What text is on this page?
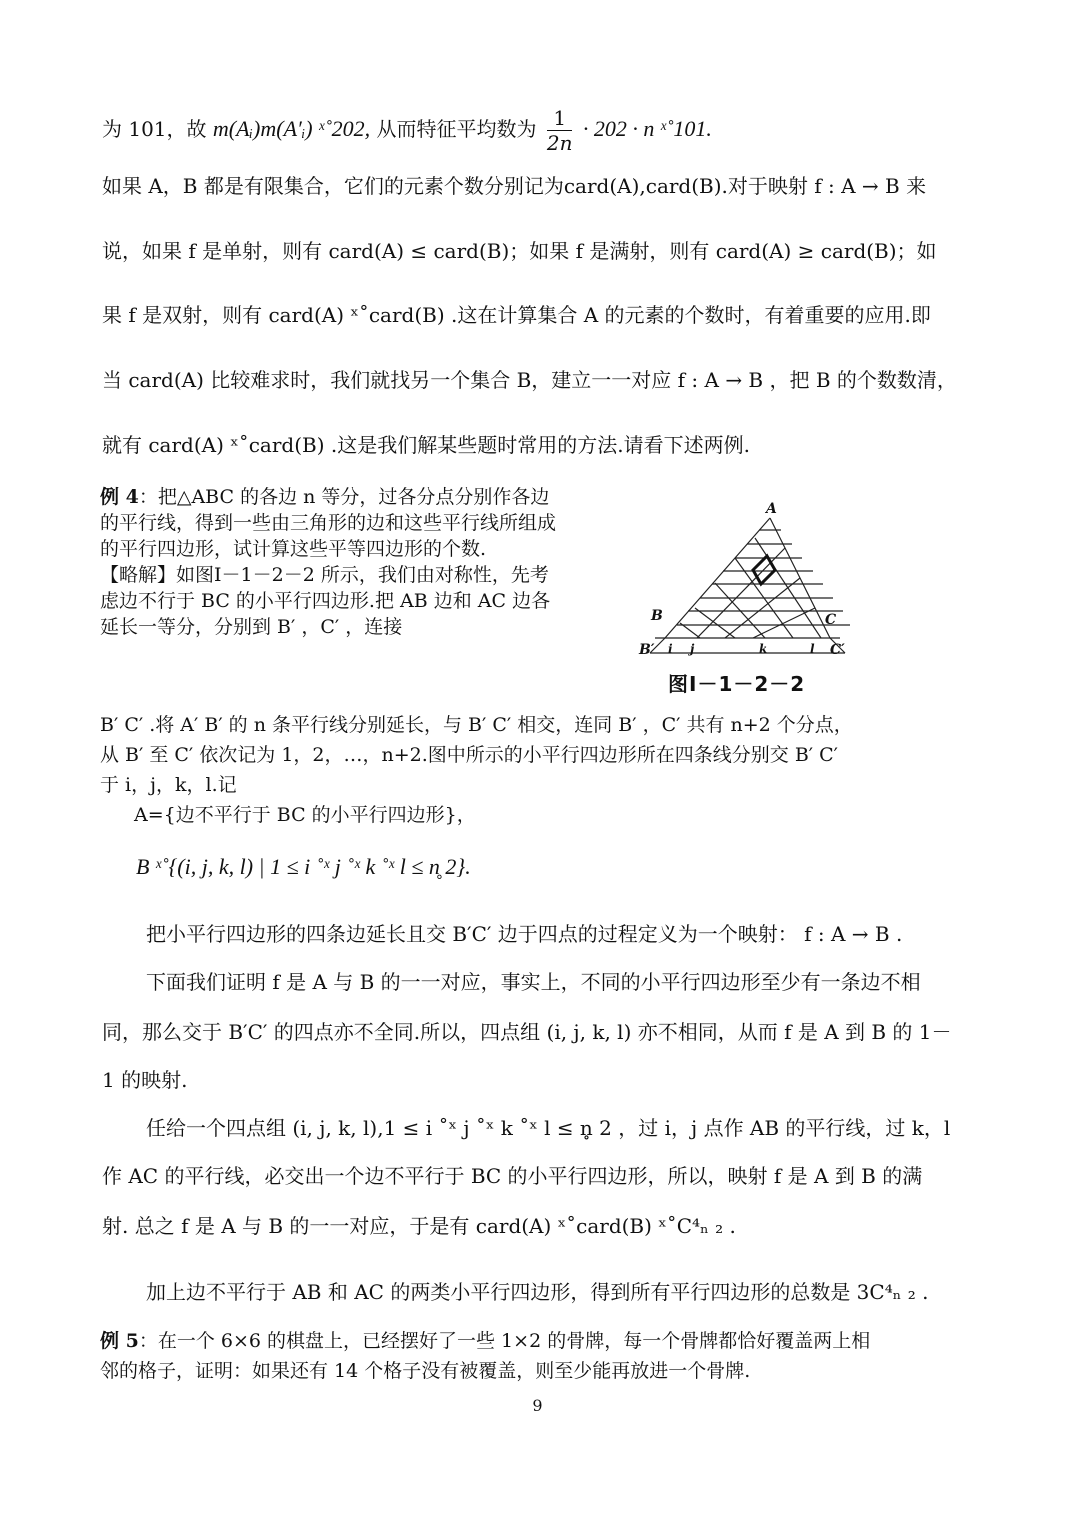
为 101，故 m(Aᵢ)m(A′ᵢ) ˣ˚202, 从而特征平均数为 $\frac{1}{2n} \cdot 202 \cdot n$ ˣ˚101.
如果 A，B 都是有限集合，它们的元素个数分别记为card(A),card(B).对于映射 f : A → B 来
说，如果 f 是单射，则有 card(A) ≤ card(B)；如果 f 是满射，则有 card(A) ≥ card(B)；如
果 f 是双射，则有 card(A) ˣ˚card(B) .这在计算集合 A 的元素的个数时，有着重要的应用.即
当 card(A) 比较难求时，我们就找另一个集合 B，建立一一对应 f : A → B ，把 B 的个数数清，
就有 card(A) ˣ˚card(B) .这是我们解某些题时常用的方法.请看下述两例.

例 4：把△ABC 的各边 n 等分，过各分点分别作各边的平行线，得到一些由三角形的边和这些平行线所组成的平行四边形，试计算这些平等四边形的个数.

【略解】如图Ⅰ－1－2－2 所示，我们由对称性，先考虑边不行于 BC 的小平行四边形.把 AB 边和 AC 边各延长一等分，分别到 B′ ，C′ ，连接

A
B	C
B′	C′
i j	k	l
图Ⅰ－1－2－2
B′ C′ .将 A′ B′ 的 n 条平行线分别延长，与 B′ C′ 相交，连同 B′ ，C′ 共有 n+2 个分点，
从 B′ 至 C′ 依次记为 1，2，…，n+2.图中所示的小平行四边形所在四条线分别交 B′ C′
于 i，j，k，l.记
A={边不平行于 BC 的小平行四边形}，
B ˣ˚{(i, j, k, l) | 1 ≤ i ˚ˣ j ˚ˣ k ˚ˣ l ≤ n̥ 2}.
把小平行四边形的四条边延长且交 B′C′ 边于四点的过程定义为一个映射： f : A → B .
下面我们证明 f 是 A 与 B 的一一对应，事实上，不同的小平行四边形至少有一条边不相
同，那么交于 B′C′ 的四点亦不全同.所以，四点组 (i, j, k, l) 亦不相同，从而 f 是 A 到 B 的 1－
1 的映射.
任给一个四点组 (i, j, k, l),1 ≤ i ˚ˣ j ˚ˣ k ˚ˣ l ≤ n̥ 2 ，过 i，j 点作 AB 的平行线，过 k，l
作 AC 的平行线，必交出一个边不平行于 BC 的小平行四边形，所以，映射 f 是 A 到 B 的满
射. 总之 f 是 A 与 B 的一一对应，于是有 card(A) ˣ˚card(B) ˣ˚C⁴ₙ ₂ .
加上边不平行于 AB 和 AC 的两类小平行四边形，得到所有平行四边形的总数是 3C⁴ₙ ₂ .
例 5：在一个 6×6 的棋盘上，已经摆好了一些 1×2 的骨牌，每一个骨牌都恰好覆盖两上相
邻的格子，证明：如果还有 14 个格子没有被覆盖，则至少能再放进一个骨牌.
9
